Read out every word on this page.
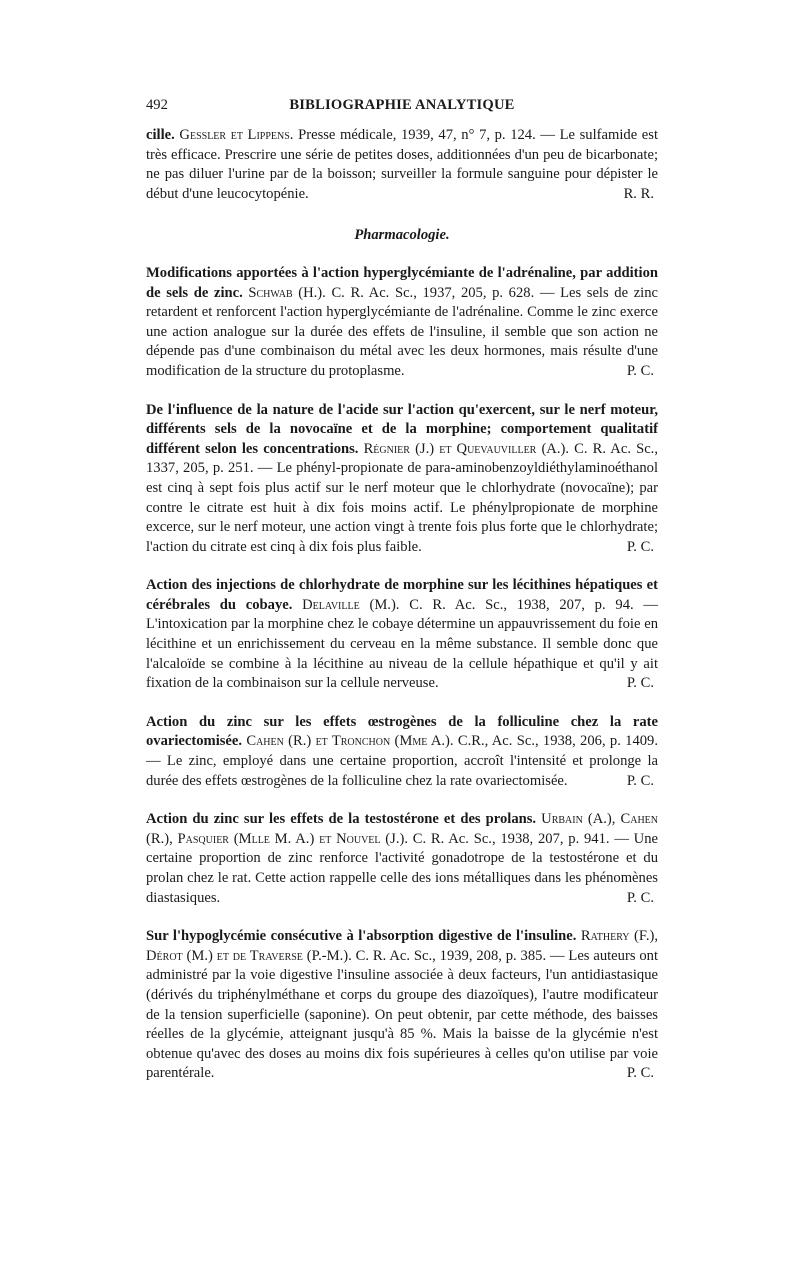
492	BIBLIOGRAPHIE ANALYTIQUE

cille. Gessler et Lippens. Presse médicale, 1939, 47, n° 7, p. 124. — Le sulfamide est très efficace. Prescrire une série de petites doses, additionnées d'un peu de bicarbonate; ne pas diluer l'urine par de la boisson; surveiller la formule sanguine pour dépister le début d'une leucocytopénie.	R. R.

Pharmacologie.

Modifications apportées à l'action hyperglycémiante de l'adrénaline, par addition de sels de zinc. Schwab (H.). C. R. Ac. Sc., 1937, 205, p. 628. — Les sels de zinc retardent et renforcent l'action hyperglycémiante de l'adrénaline. Comme le zinc exerce une action analogue sur la durée des effets de l'insuline, il semble que son action ne dépende pas d'une combinaison du métal avec les deux hormones, mais résulte d'une modification de la structure du protoplasme.	P. C.

De l'influence de la nature de l'acide sur l'action qu'exercent, sur le nerf moteur, différents sels de la novocaïne et de la morphine; comportement qualitatif différent selon les concentrations. Régnier (J.) et Quevauviller (A.). C. R. Ac. Sc., 1337, 205, p. 251. — Le phényl-propionate de para-aminobenzoyldiéthylaminoéthanol est cinq à sept fois plus actif sur le nerf moteur que le chlorhydrate (novocaïne); par contre le citrate est huit à dix fois moins actif. Le phénylpropionate de morphine excerce, sur le nerf moteur, une action vingt à trente fois plus forte que le chlorhydrate; l'action du citrate est cinq à dix fois plus faible.	P. C.

Action des injections de chlorhydrate de morphine sur les lécithines hépatiques et cérébrales du cobaye. Delaville (M.). C. R. Ac. Sc., 1938, 207, p. 94. — L'intoxication par la morphine chez le cobaye détermine un appauvrissement du foie en lécithine et un enrichissement du cerveau en la même substance. Il semble donc que l'alcaloïde se combine à la lécithine au niveau de la cellule hépathique et qu'il y ait fixation de la combinaison sur la cellule nerveuse.	P. C.

Action du zinc sur les effets œstrogènes de la folliculine chez la rate ovariectomisée. Cahen (R.) et Tronchon (Mme A.). C.R., Ac. Sc., 1938, 206, p. 1409. — Le zinc, employé dans une certaine proportion, accroît l'intensité et prolonge la durée des effets œstrogènes de la folliculine chez la rate ovariectomisée.	P. C.

Action du zinc sur les effets de la testostérone et des prolans. Urbain (A.), Cahen (R.), Pasquier (Mlle M. A.) et Nouvel (J.). C. R. Ac. Sc., 1938, 207, p. 941. — Une certaine proportion de zinc renforce l'activité gonadotrope de la testostérone et du prolan chez le rat. Cette action rappelle celle des ions métalliques dans les phénomènes diastasiques.	P. C.

Sur l'hypoglycémie consécutive à l'absorption digestive de l'insuline. Rathery (F.), Dérot (M.) et de Traverse (P.-M.). C. R. Ac. Sc., 1939, 208, p. 385. — Les auteurs ont administré par la voie digestive l'insuline associée à deux facteurs, l'un antidiastasique (dérivés du triphénylméthane et corps du groupe des diazoïques), l'autre modificateur de la tension superficielle (saponine). On peut obtenir, par cette méthode, des baisses réelles de la glycémie, atteignant jusqu'à 85 %. Mais la baisse de la glycémie n'est obtenue qu'avec des doses au moins dix fois supérieures à celles qu'on utilise par voie parentérale.	P. C.
